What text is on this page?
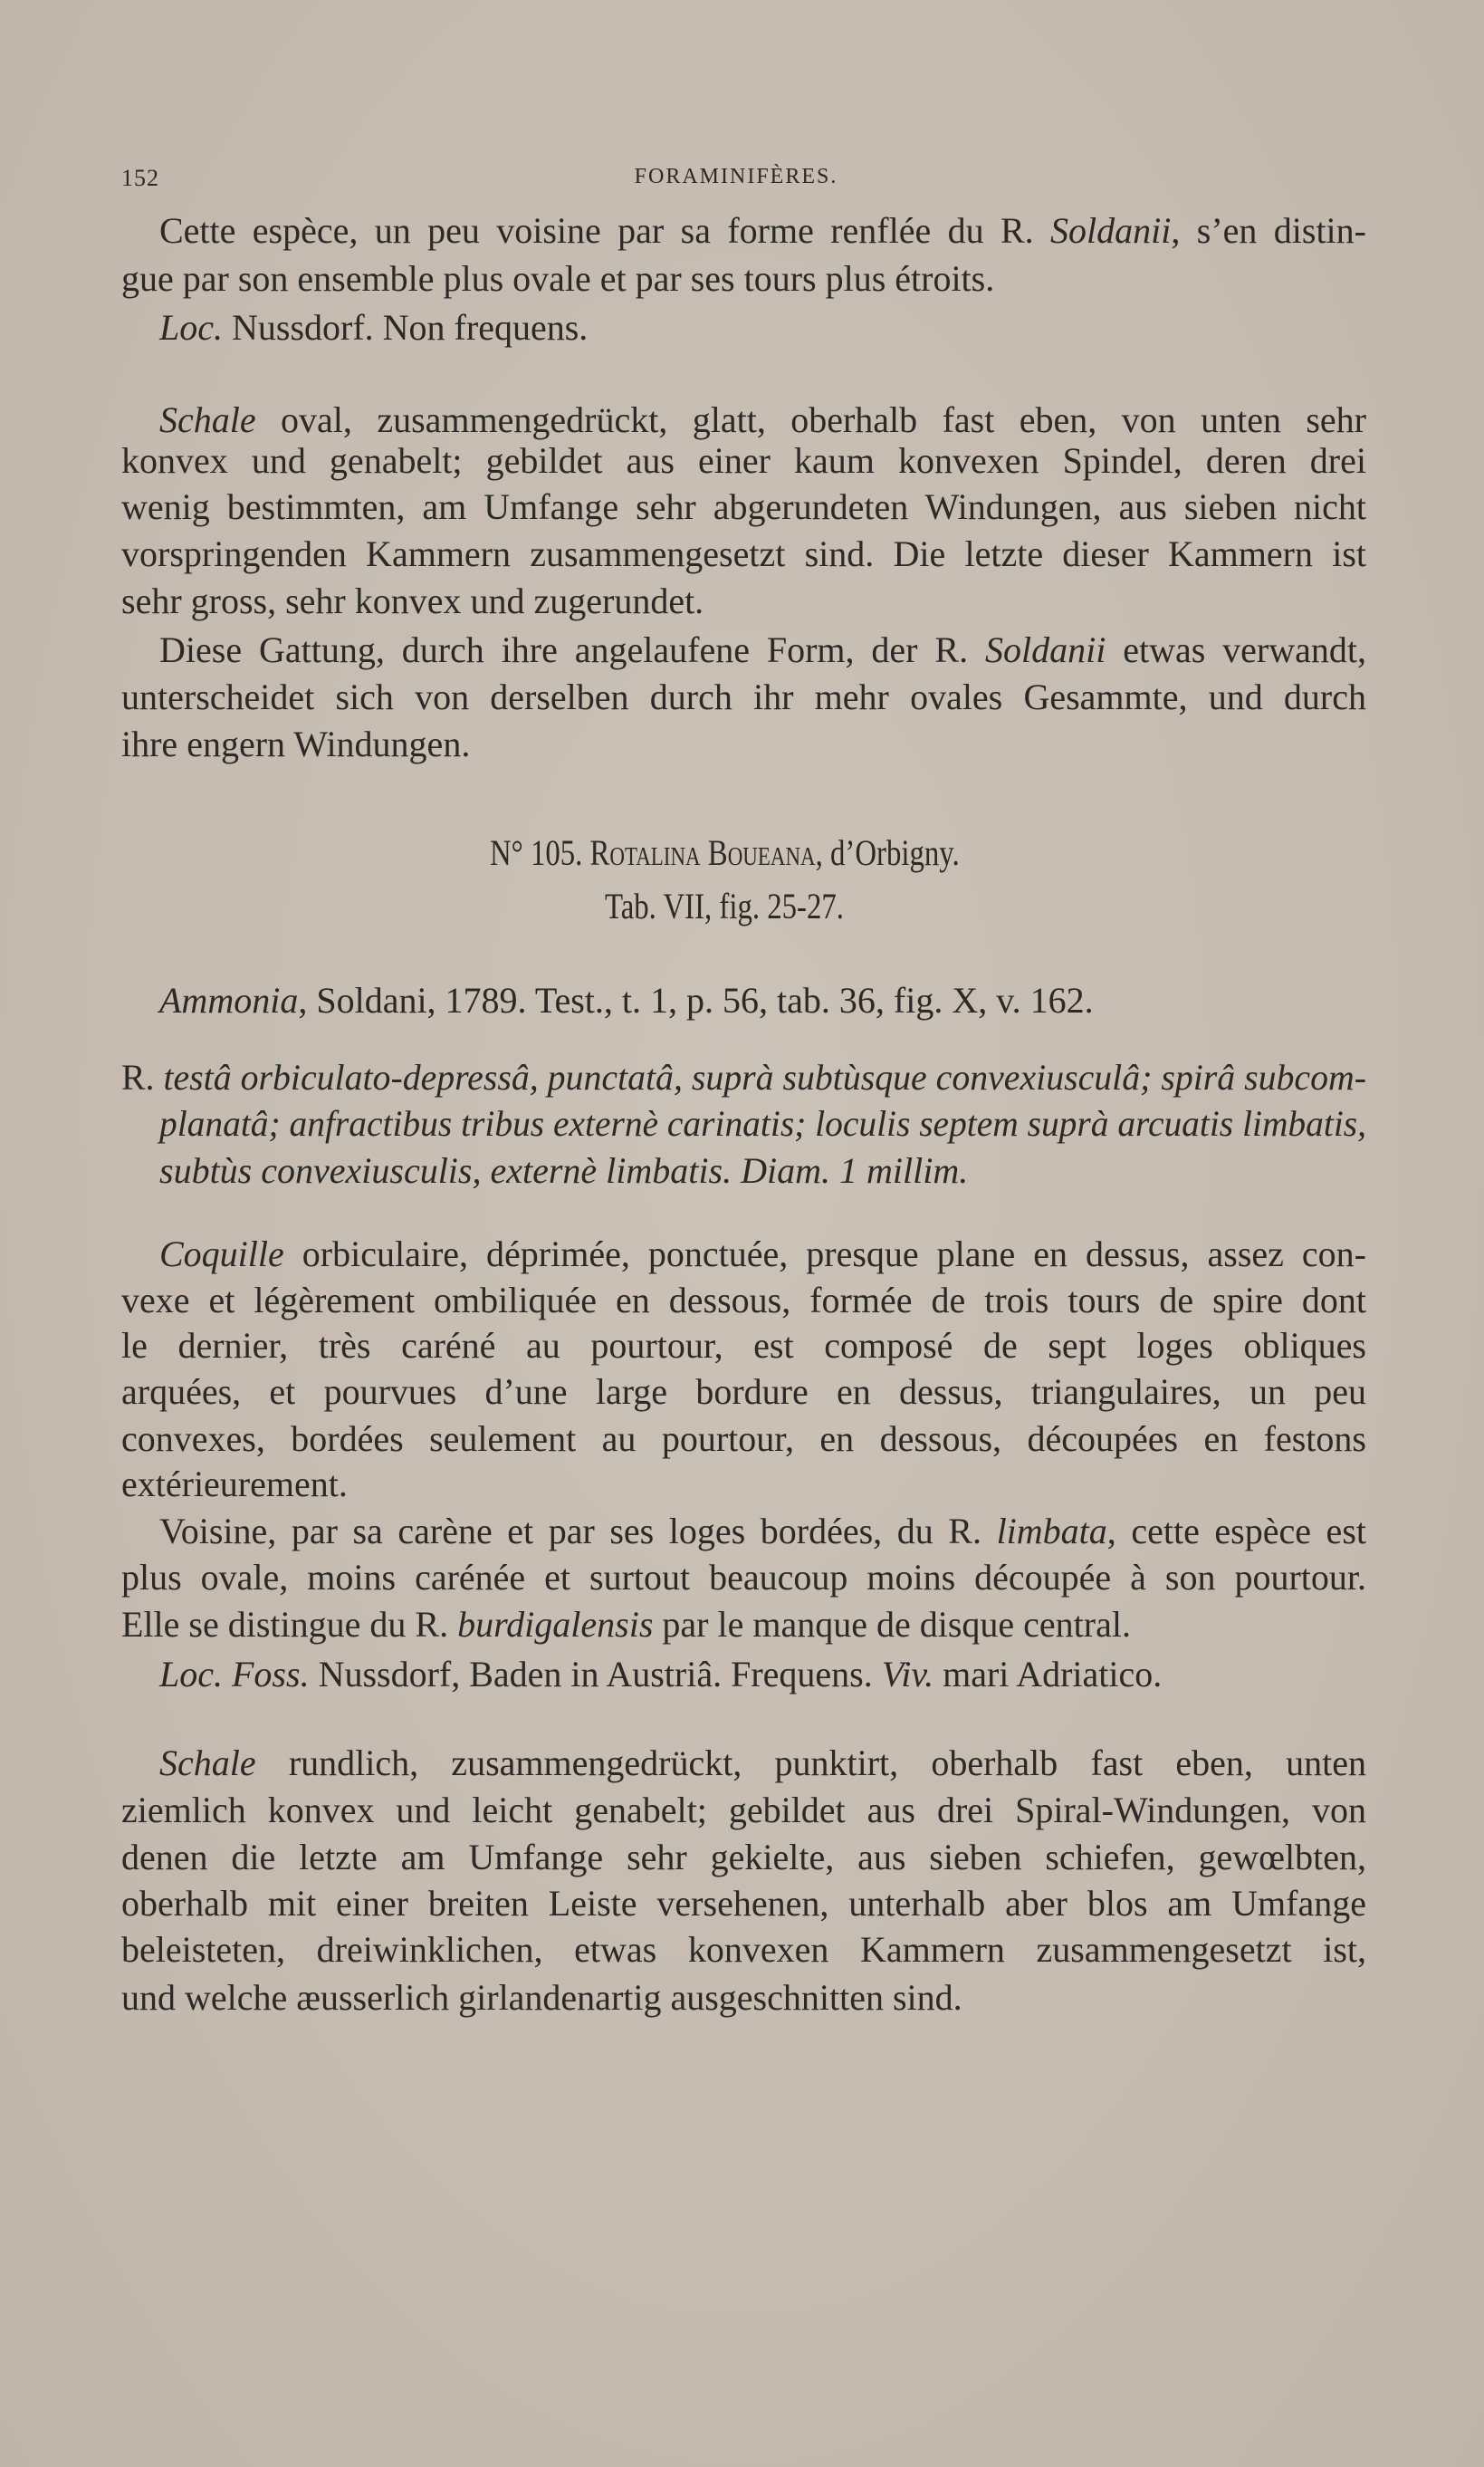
152	FORAMINIFÈRES.
Cette espèce, un peu voisine par sa forme renflée du R. Soldanii, s’en distin-
gue par son ensemble plus ovale et par ses tours plus étroits.
Loc. Nussdorf. Non frequens.
Schale oval, zusammengedrückt, glatt, oberhalb fast eben, von unten sehr
konvex und genabelt; gebildet aus einer kaum konvexen Spindel, deren drei
wenig bestimmten, am Umfange sehr abgerundeten Windungen, aus sieben nicht
vorspringenden Kammern zusammengesetzt sind. Die letzte dieser Kammern ist
sehr gross, sehr konvex und zugerundet.
Diese Gattung, durch ihre angelaufene Form, der R. Soldanii etwas verwandt,
unterscheidet sich von derselben durch ihr mehr ovales Gesammte, und durch
ihre engern Windungen.
N° 105. Rotalina Boueana, d’Orbigny.
Tab. VII, fig. 25-27.
Ammonia, Soldani, 1789. Test., t. 1, p. 56, tab. 36, fig. X, v. 162.
R. testâ orbiculato-depressâ, punctatâ, suprà subtùsque convexiusculâ; spirâ subcom-
planatâ; anfractibus tribus externè carinatis; loculis septem suprà arcuatis limbatis,
subtùs convexiusculis, externè limbatis. Diam. 1 millim.
Coquille orbiculaire, déprimée, ponctuée, presque plane en dessus, assez con-
vexe et légèrement ombiliquée en dessous, formée de trois tours de spire dont
le dernier, très caréné au pourtour, est composé de sept loges obliques
arquées, et pourvues d’une large bordure en dessus, triangulaires, un peu
convexes, bordées seulement au pourtour, en dessous, découpées en festons
extérieurement.
Voisine, par sa carène et par ses loges bordées, du R. limbata, cette espèce est
plus ovale, moins carénée et surtout beaucoup moins découpée à son pourtour.
Elle se distingue du R. burdigalensis par le manque de disque central.
Loc. Foss. Nussdorf, Baden in Austriâ. Frequens. Viv. mari Adriatico.
Schale rundlich, zusammengedrückt, punktirt, oberhalb fast eben, unten
ziemlich konvex und leicht genabelt; gebildet aus drei Spiral-Windungen, von
denen die letzte am Umfange sehr gekielte, aus sieben schiefen, gewœlbten,
oberhalb mit einer breiten Leiste versehenen, unterhalb aber blos am Umfange
beleisteten, dreiwinklichen, etwas konvexen Kammern zusammengesetzt ist,
und welche æusserlich girlandenartig ausgeschnitten sind.
